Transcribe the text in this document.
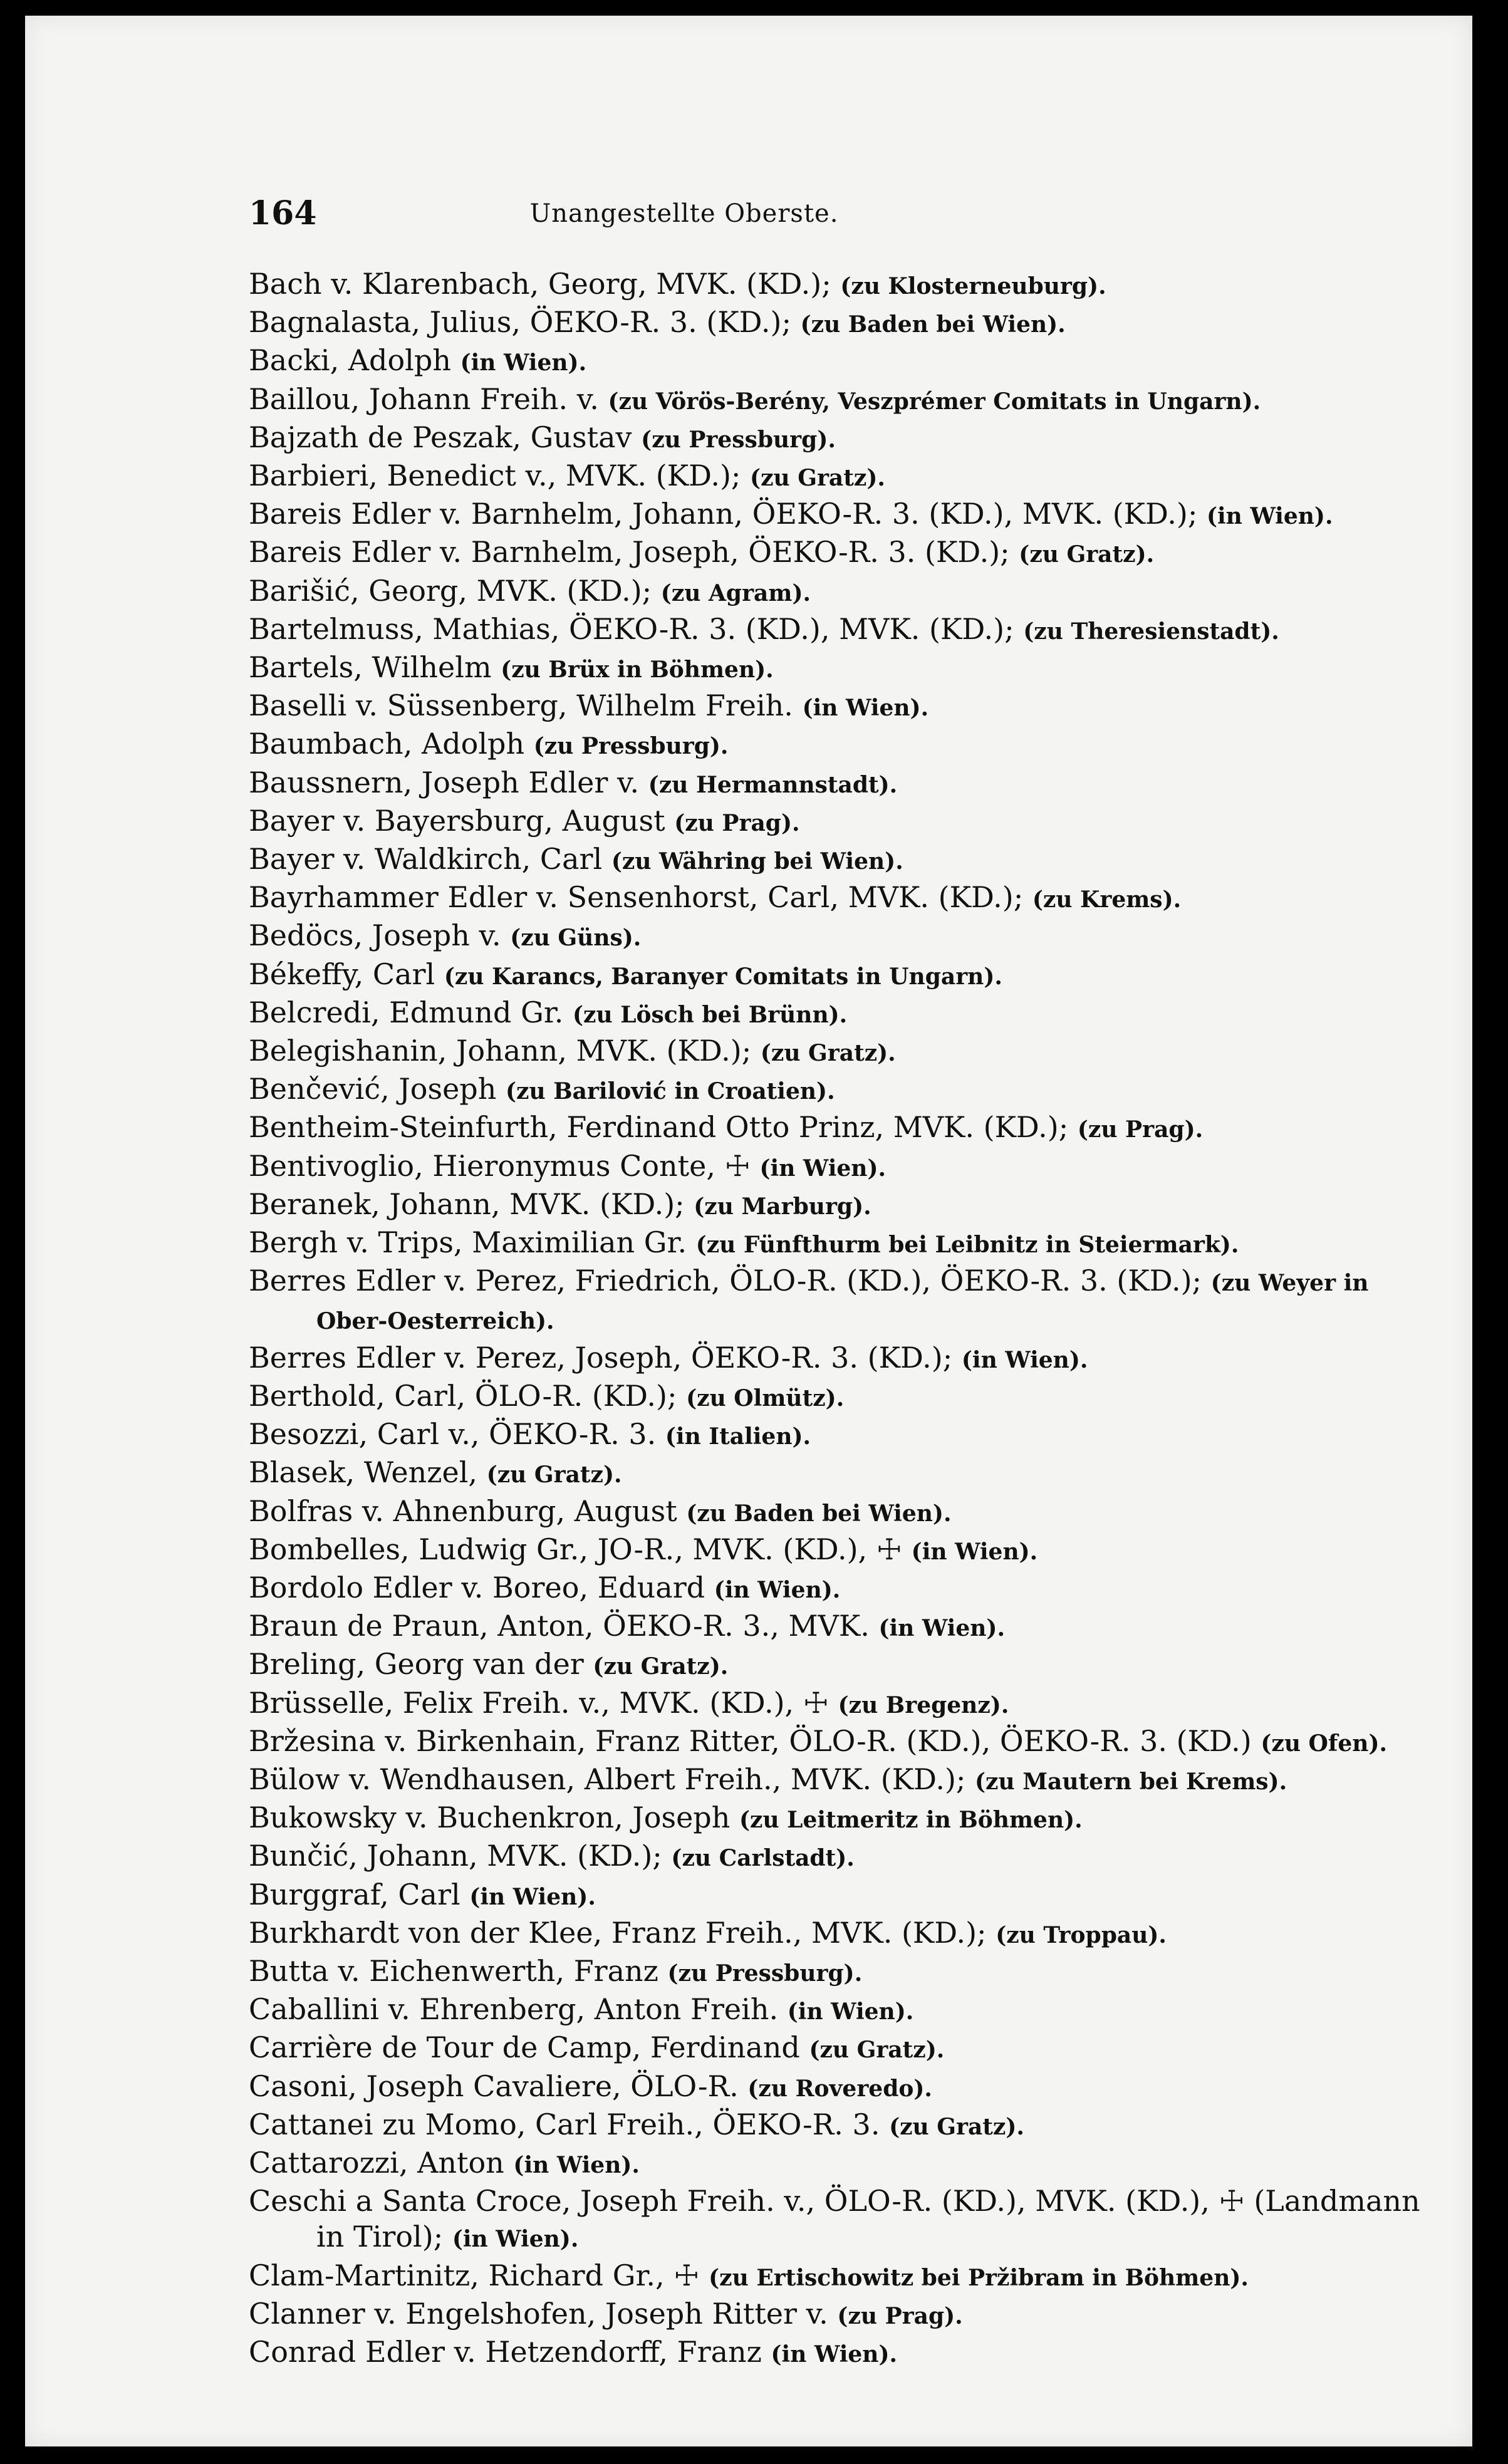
164	Unangestellte Oberste.
Bach v. Klarenbach, Georg, MVK. (KD.); (zu Klosterneuburg).
Bagnalasta, Julius, ÖEKO-R. 3. (KD.); (zu Baden bei Wien).
Backi, Adolph (in Wien).
Baillou, Johann Freih. v. (zu Vörös-Berény, Veszprémer Comitats in Ungarn).
Bajzath de Peszak, Gustav (zu Pressburg).
Barbieri, Benedict v., MVK. (KD.); (zu Gratz).
Bareis Edler v. Barnhelm, Johann, ÖEKO-R. 3. (KD.), MVK. (KD.); (in Wien).
Bareis Edler v. Barnhelm, Joseph, ÖEKO-R. 3. (KD.); (zu Gratz).
Barišić, Georg, MVK. (KD.); (zu Agram).
Bartelmuss, Mathias, ÖEKO-R. 3. (KD.), MVK. (KD.); (zu Theresienstadt).
Bartels, Wilhelm (zu Brüx in Böhmen).
Baselli v. Süssenberg, Wilhelm Freih. (in Wien).
Baumbach, Adolph (zu Pressburg).
Baussnern, Joseph Edler v. (zu Hermannstadt).
Bayer v. Bayersburg, August (zu Prag).
Bayer v. Waldkirch, Carl (zu Währing bei Wien).
Bayrhammer Edler v. Sensenhorst, Carl, MVK. (KD.); (zu Krems).
Bedöcs, Joseph v. (zu Güns).
Békeffy, Carl (zu Karancs, Baranyer Comitats in Ungarn).
Belcredi, Edmund Gr. (zu Lösch bei Brünn).
Belegishanin, Johann, MVK. (KD.); (zu Gratz).
Benčević, Joseph (zu Barilović in Croatien).
Bentheim-Steinfurth, Ferdinand Otto Prinz, MVK. (KD.); (zu Prag).
Bentivoglio, Hieronymus Conte, ☩ (in Wien).
Beranek, Johann, MVK. (KD.); (zu Marburg).
Bergh v. Trips, Maximilian Gr. (zu Fünfthurm bei Leibnitz in Steiermark).
Berres Edler v. Perez, Friedrich, ÖLO-R. (KD.), ÖEKO-R. 3. (KD.); (zu Weyer in Ober-Oesterreich).
Berres Edler v. Perez, Joseph, ÖEKO-R. 3. (KD.); (in Wien).
Berthold, Carl, ÖLO-R. (KD.); (zu Olmütz).
Besozzi, Carl v., ÖEKO-R. 3. (in Italien).
Blasek, Wenzel, (zu Gratz).
Bolfras v. Ahnenburg, August (zu Baden bei Wien).
Bombelles, Ludwig Gr., JO-R., MVK. (KD.), ☩ (in Wien).
Bordolo Edler v. Boreo, Eduard (in Wien).
Braun de Praun, Anton, ÖEKO-R. 3., MVK. (in Wien).
Breling, Georg van der (zu Gratz).
Brüsselle, Felix Freih. v., MVK. (KD.), ☩ (zu Bregenz).
Bržesina v. Birkenhain, Franz Ritter, ÖLO-R. (KD.), ÖEKO-R. 3. (KD.) (zu Ofen).
Bülow v. Wendhausen, Albert Freih., MVK. (KD.); (zu Mautern bei Krems).
Bukowsky v. Buchenkron, Joseph (zu Leitmeritz in Böhmen).
Bunčić, Johann, MVK. (KD.); (zu Carlstadt).
Burggraf, Carl (in Wien).
Burkhardt von der Klee, Franz Freih., MVK. (KD.); (zu Troppau).
Butta v. Eichenwerth, Franz (zu Pressburg).
Caballini v. Ehrenberg, Anton Freih. (in Wien).
Carrière de Tour de Camp, Ferdinand (zu Gratz).
Casoni, Joseph Cavaliere, ÖLO-R. (zu Roveredo).
Cattanei zu Momo, Carl Freih., ÖEKO-R. 3. (zu Gratz).
Cattarozzi, Anton (in Wien).
Ceschi a Santa Croce, Joseph Freih. v., ÖLO-R. (KD.), MVK. (KD.), ☩ (Landmann in Tirol); (in Wien).
Clam-Martinitz, Richard Gr., ☩ (zu Ertischowitz bei Pržibram in Böhmen).
Clanner v. Engelshofen, Joseph Ritter v. (zu Prag).
Conrad Edler v. Hetzendorff, Franz (in Wien).
